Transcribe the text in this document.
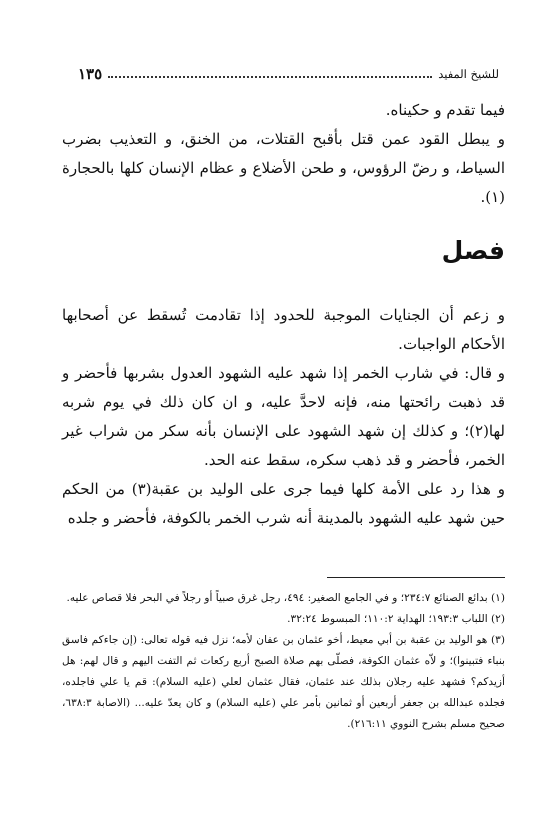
للشيخ المفيد
١٣٥

فيما تقدم و حكيناه.

و يبطل القود عمن قتل بأقبح القتلات، من الخنق، و التعذيب بضرب السياط، و رضّ الرؤوس، و طحن الأضلاع و عظام الإنسان كلها بالحجارة (١).

فصل

و زعم أن الجنايات الموجبة للحدود إذا تقادمت تُسقط عن أصحابها الأحكام الواجبات.

و قال: في شارب الخمر إذا شهد عليه الشهود العدول بشربها فأحضر و قد ذهبت رائحتها منه، فإنه لاحدَّ عليه، و ان كان ذلك في يوم شربه لها(٢)؛ و كذلك إن شهد الشهود على الإنسان بأنه سكر من شراب غير الخمر، فأحضر و قد ذهب سكره، سقط عنه الحد.

و هذا رد على الأمة كلها فيما جرى على الوليد بن عقبة(٣) من الحكم حين شهد عليه الشهود بالمدينة أنه شرب الخمر بالكوفة، فأحضر و جلده

(١) بدائع الصنائع ٢٣٤:٧؛ و في الجامع الصغير: ٤٩٤، رجل غرق صبياً أو رجلاً في البحر فلا قصاص عليه.

(٢) اللباب ١٩٣:٣؛ الهداية ١١٠:٢؛ المبسوط ٣٢:٢٤.

(٣) هو الوليد بن عقبة بن أبي معيط، أخو عثمان بن عفان لأمه؛ نزل فيه قوله تعالى: (إن جاءكم فاسق بنباء فتبينوا)؛ و لاّه عثمان الكوفة، فصلّى بهم صلاة الصبح أربع ركعات ثم التفت اليهم و قال لهم: هل أزيدكم؟ فشهد عليه رجلان بذلك عند عثمان، فقال عثمان لعلي (عليه السلام): قم يا علي فاجلده، فجلده عبدالله بن جعفر أربعين أو ثمانين بأمر علي (عليه السلام) و كان يعدّ عليه... (الاصابة ٦٣٨:٣، صحيح مسلم بشرح النووي ٢١٦:١١).
